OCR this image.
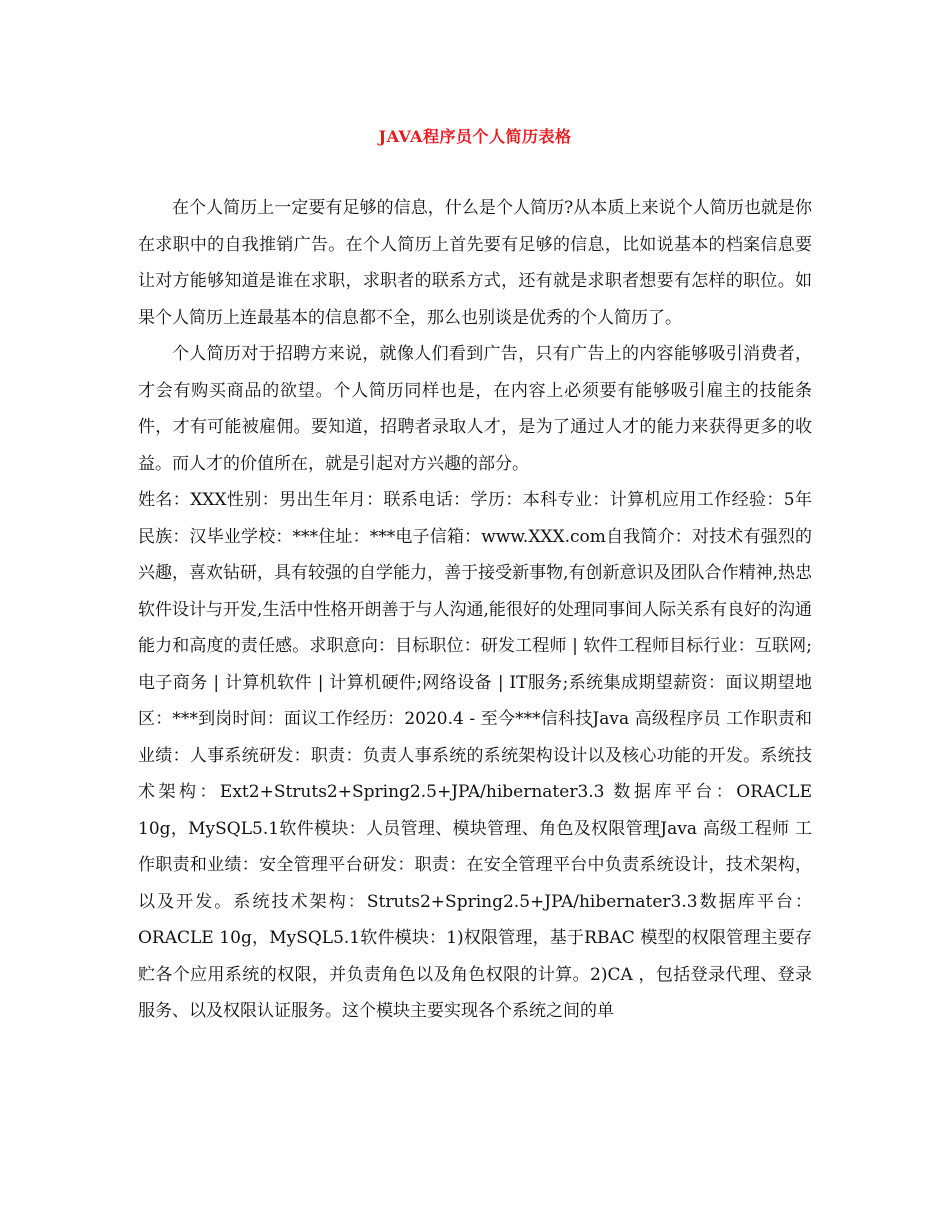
JAVA程序员个人简历表格

在个人简历上一定要有足够的信息，什么是个人简历?从本质上来说个人简历也就是你在求职中的自我推销广告。在个人简历上首先要有足够的信息，比如说基本的档案信息要让对方能够知道是谁在求职，求职者的联系方式，还有就是求职者想要有怎样的职位。如果个人简历上连最基本的信息都不全，那么也别谈是优秀的个人简历了。

个人简历对于招聘方来说，就像人们看到广告，只有广告上的内容能够吸引消费者，才会有购买商品的欲望。个人简历同样也是，在内容上必须要有能够吸引雇主的技能条件，才有可能被雇佣。要知道，招聘者录取人才，是为了通过人才的能力来获得更多的收益。而人才的价值所在，就是引起对方兴趣的部分。

姓名：XXX性别：男出生年月：联系电话：学历：本科专业：计算机应用工作经验：5年民族：汉毕业学校：***住址：***电子信箱：www.XXX.com自我简介：对技术有强烈的兴趣，喜欢钻研，具有较强的自学能力，善于接受新事物,有创新意识及团队合作精神,热忠软件设计与开发,生活中性格开朗善于与人沟通,能很好的处理同事间人际关系有良好的沟通能力和高度的责任感。求职意向：目标职位：研发工程师 | 软件工程师目标行业：互联网;电子商务 | 计算机软件 | 计算机硬件;网络设备 | IT服务;系统集成期望薪资：面议期望地区：***到岗时间：面议工作经历：2020.4 - 至今***信科技Java 高级程序员 工作职责和业绩：人事系统研发：职责：负责人事系统的系统架构设计以及核心功能的开发。系统技术架构：Ext2+Struts2+Spring2.5+JPA/hibernater3.3 数据库平台：ORACLE 10g，MySQL5.1软件模块：人员管理、模块管理、角色及权限管理Java 高级工程师 工作职责和业绩：安全管理平台研发：职责：在安全管理平台中负责系统设计，技术架构，以及开发。系统技术架构：Struts2+Spring2.5+JPA/hibernater3.3数据库平台：ORACLE 10g，MySQL5.1软件模块：1)权限管理，基于RBAC 模型的权限管理主要存贮各个应用系统的权限，并负责角色以及角色权限的计算。2)CA ，包括登录代理、登录服务、以及权限认证服务。这个模块主要实现各个系统之间的单
